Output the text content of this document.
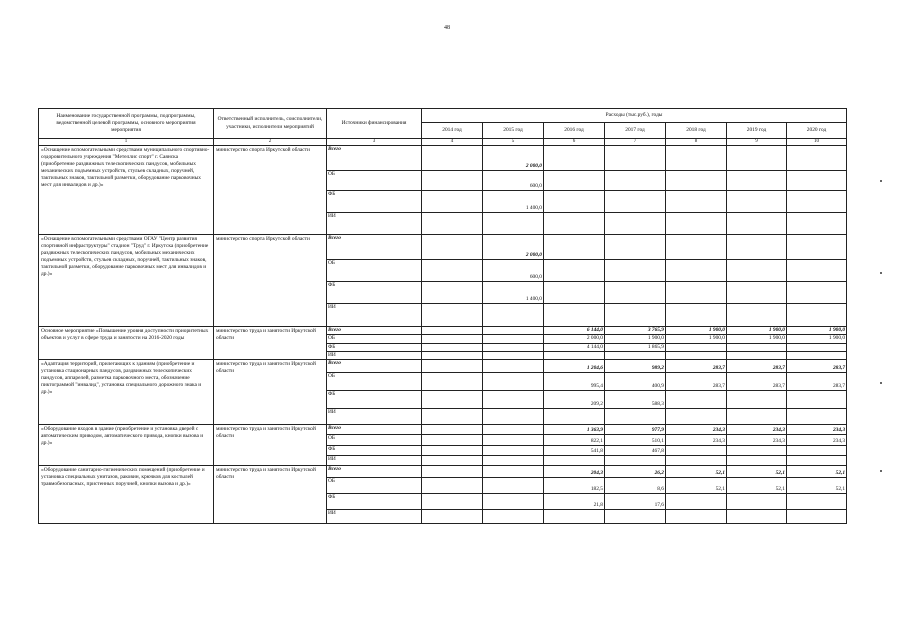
48
Наименование государственной программы, подпрограммы, ведомственной целевой программы, основного мероприятия мероприятия	Ответственный исполнитель, соисполнители, участники, исполнители мероприятий	Источники финансирования	Расходы (тыс.руб.), годы						
			2014 год	2015 год	2016 год	2017 год	2018 год	2019 год	2020 год
1	2	3	4	5	6	7	8	9	10
«Оснащение вспомогательными средствами муниципального спортивно-оздоровительного учреждения "Метеллис спорт" г. Саянска (приобретение раздвижных телескопических пандусов, мобильных механических подъемных устройств, стульев складных, поручней, тактильных знаков, тактильной разметки, оборудование парковочных мест для инвалидов и др.)»	министерство спорта Иркутской области	Всего		2 000,0					
		ОБ		600,0					
		ФБ		1 400,0					
		ИИ							
«Оснащение вспомогательными средствами ОГАУ "Центр развития спортивной инфраструктуры" стадион "Труд" г. Иркутска (приобретение раздвижных телескопических пандусов, мобильных механических подъемных устройств, стульев складных, поручней, тактильных знаков, тактильной разметки, оборудование парковочных мест для инвалидов и др.)»	министерство спорта Иркутской области	Всего		2 000,0					
		ОБ		600,0					
		ФБ		1 400,0					
		ИИ							
Основное мероприятие «Повышение уровня доступности приоритетных объектов и услуг в сфере труда и занятости на 2016-2020 годы	министерство труда и занятости Иркутской области	Всего			6 144,0	3 765,9	1 900,0	1 900,0	1 900,0
		ОБ			2 000,0	1 900,0	1 900,0	1 900,0	1 900,0
		ФБ			4 144,0	1 865,9			
		ИИ							
«Адаптация территорий, прилегающих к зданиям (приобретение и установка стационарных пандусов, раздвижных телескопических пандусов, аппарелей, разметка парковочного места, обозначение пиктограммой "инвалид", установка специального дорожного знака и др.)»	министерство труда и занятости Иркутской области	Всего			1 204,6	989,2	283,7	283,7	283,7
		ОБ			995,4	400,9	283,7	283,7	283,7
		ФБ			209,2	588,3			
		ИИ							
«Оборудование входов в здание (приобретение и установка дверей с автоматическим приводом, автоматического привода, кнопки вызова и др.)»	министерство труда и занятости Иркутской области	Всего			1 363,9	977,9	234,3	234,3	234,3
		ОБ			822,1	510,1	234,3	234,3	234,3
		ФБ			541,8	467,8			
		ИИ							
«Оборудование санитарно-гигиенических помещений (приобретение и установка специальных унитазов, раковин, крючков для костылей травмобезопасных, пристенных поручней, кнопки вызова и др.)»	министерство труда и занятости Иркутской области	Всего			204,3	26,2	52,1	52,1	52,1
		ОБ			182,5	8,6	52,1	52,1	52,1
		ФБ			21,8	17,6			
		ИИ							
